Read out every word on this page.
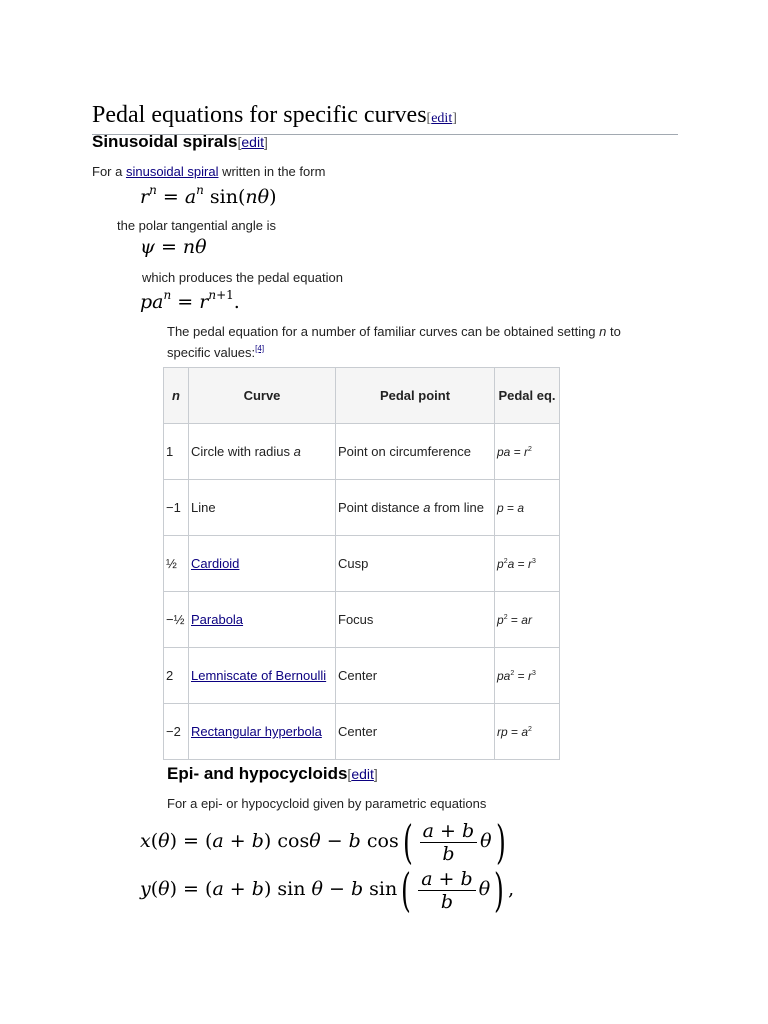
Pedal equations for specific curves[edit]
Sinusoidal spirals[edit]
For a sinusoidal spiral written in the form
$r^n = a^n$ sin(nθ)
the polar tangential angle is
ψ = nθ
which produces the pedal equation
$pa^n = r^{n+1}$.
The pedal equation for a number of familiar curves can be obtained setting n to
specific values:[4]
n	Curve	Pedal point	Pedal eq.
1	Circle with radius a	Point on circumference	pa = $r^2$
−1	Line	Point distance a from line	p = a
½	Cardioid	Cusp	$p^2a = r^3$
−½	Parabola	Focus	$p^2$ = ar
2	Lemniscate of Bernoulli	Center	$pa^2 = r^3$
−2	Rectangular hyperbola	Center	rp = $a^2$
Epi- and hypocycloids[edit]
For a epi- or hypocycloid given by parametric equations
x(θ) = (a + b) cosθ − b $\cos( \frac{a + b}{b} \theta)$
y(θ) = (a + b) sin θ − b $\sin( \frac{a + b}{b} \theta)$ ,
